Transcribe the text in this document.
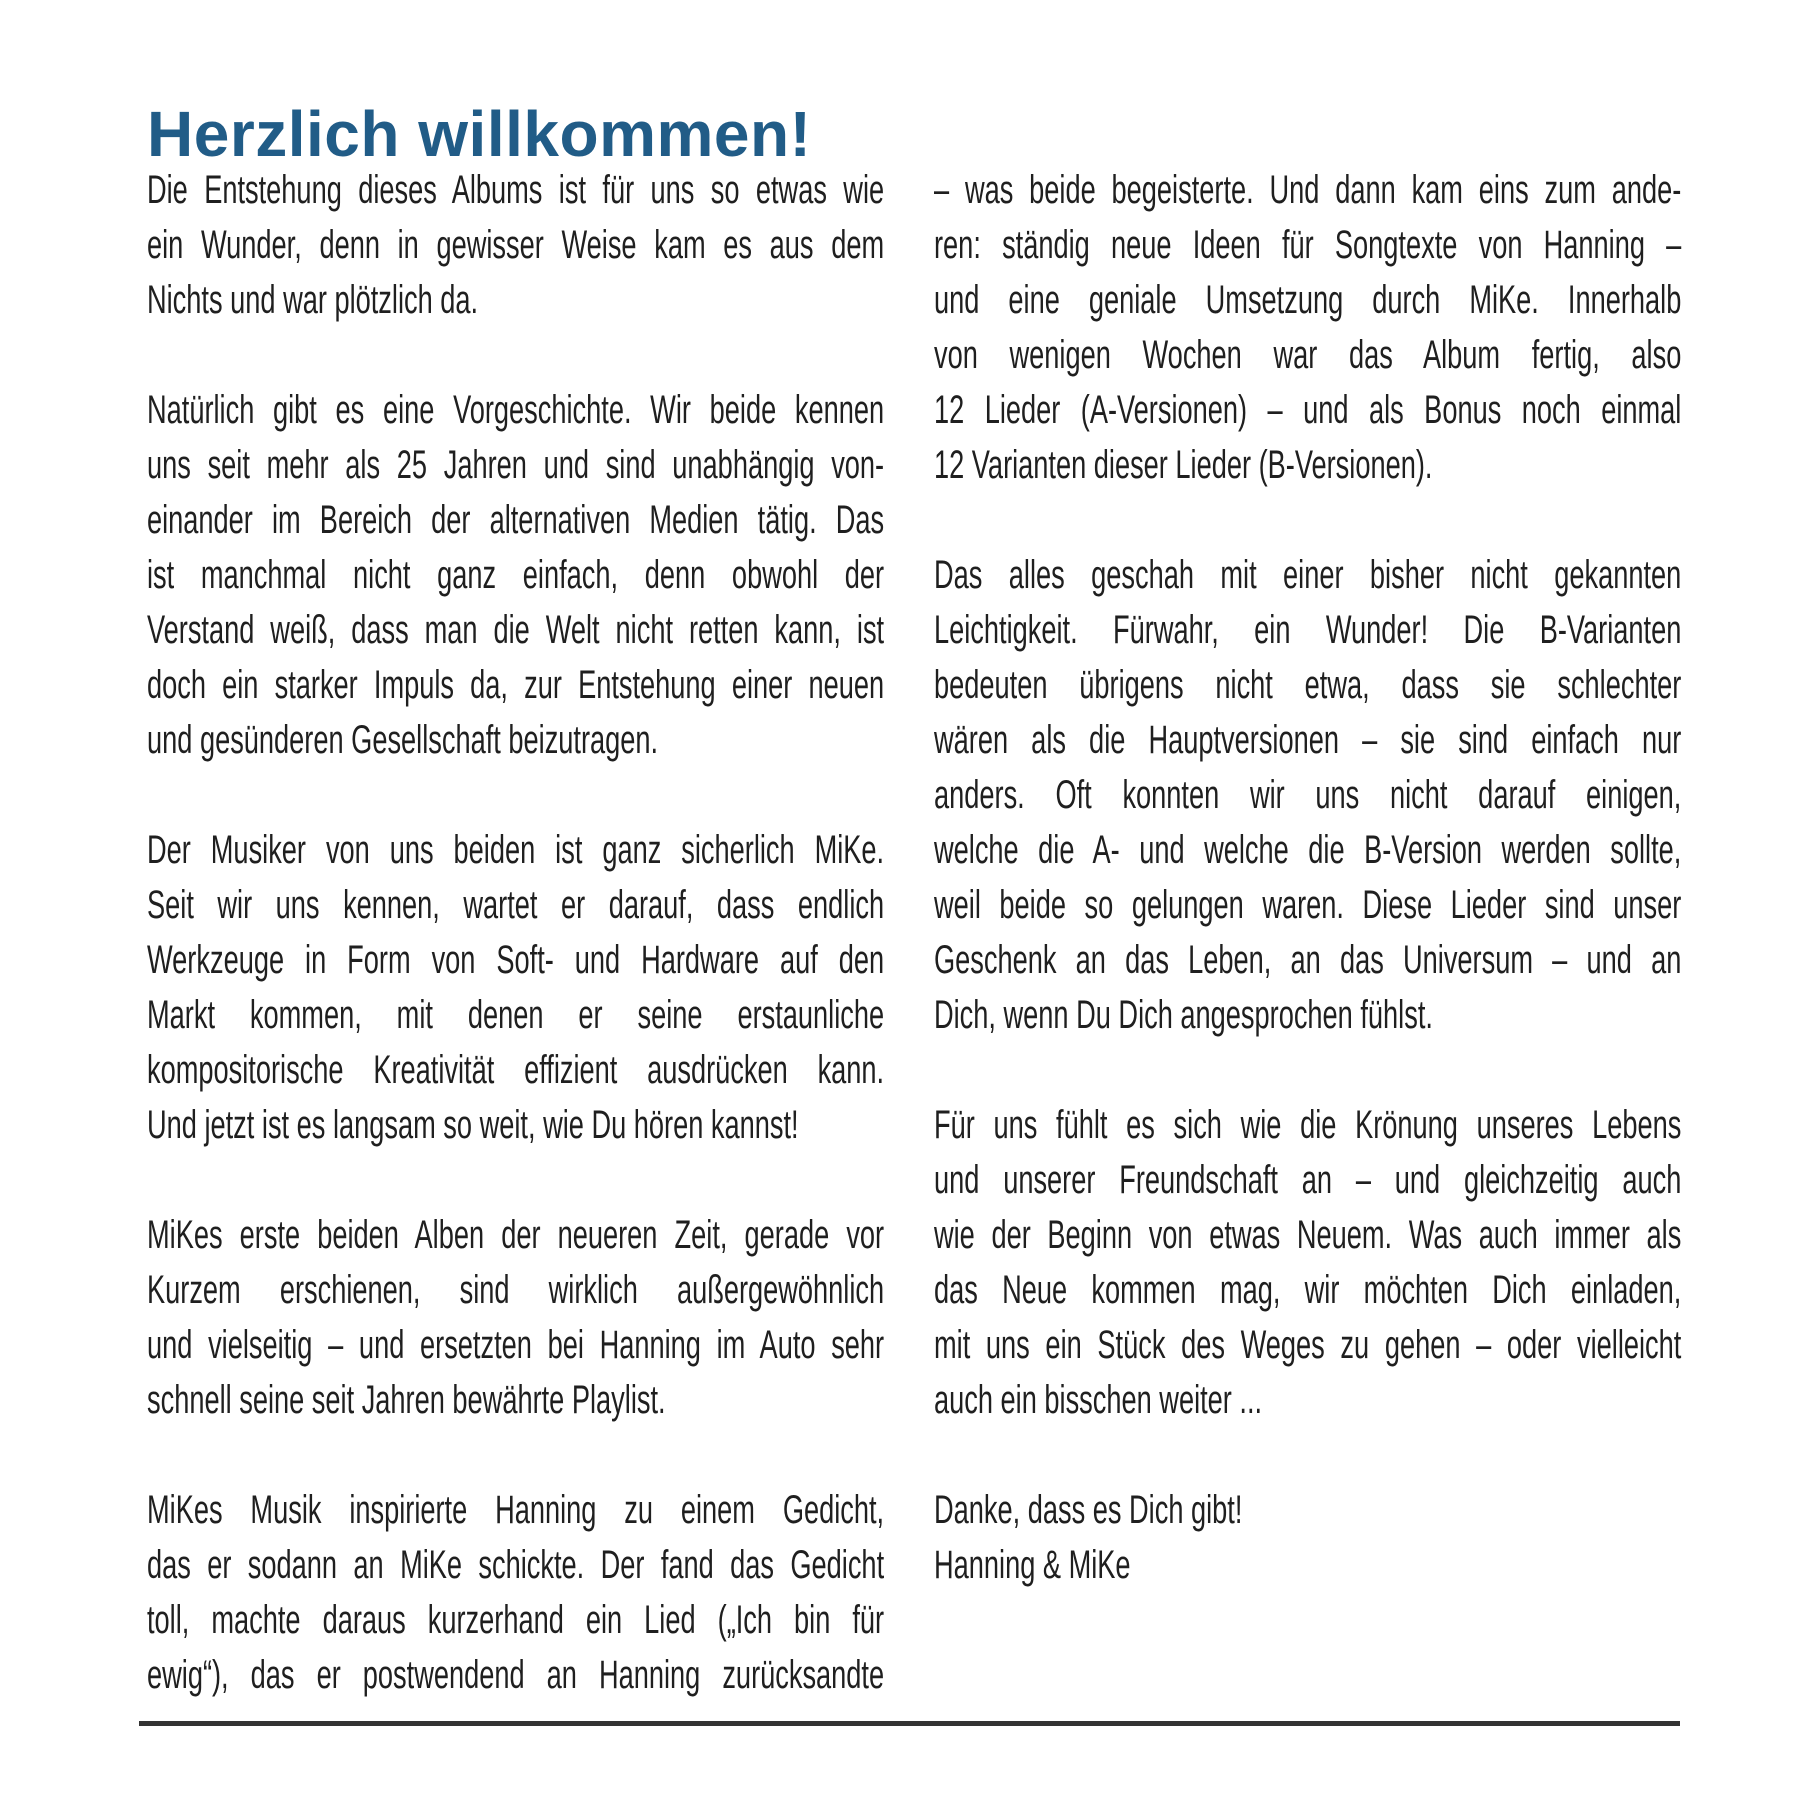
Herzlich willkommen!
Die Entstehung dieses Albums ist für uns so etwas wie
ein Wunder, denn in gewisser Weise kam es aus dem
Nichts und war plötzlich da.
Natürlich gibt es eine Vorgeschichte. Wir beide kennen
uns seit mehr als 25 Jahren und sind unabhängig von-
einander im Bereich der alternativen Medien tätig. Das
ist manchmal nicht ganz einfach, denn obwohl der
Verstand weiß, dass man die Welt nicht retten kann, ist
doch ein starker Impuls da, zur Entstehung einer neuen
und gesünderen Gesellschaft beizutragen.
Der Musiker von uns beiden ist ganz sicherlich MiKe.
Seit wir uns kennen, wartet er darauf, dass endlich
Werkzeuge in Form von Soft- und Hardware auf den
Markt kommen, mit denen er seine erstaunliche
kompositorische Kreativität effizient ausdrücken kann.
Und jetzt ist es langsam so weit, wie Du hören kannst!
MiKes erste beiden Alben der neueren Zeit, gerade vor
Kurzem erschienen, sind wirklich außergewöhnlich
und vielseitig – und ersetzten bei Hanning im Auto sehr
schnell seine seit Jahren bewährte Playlist.
MiKes Musik inspirierte Hanning zu einem Gedicht,
das er sodann an MiKe schickte. Der fand das Gedicht
toll, machte daraus kurzerhand ein Lied („Ich bin für
ewig“), das er postwendend an Hanning zurücksandte
– was beide begeisterte. Und dann kam eins zum ande-
ren: ständig neue Ideen für Songtexte von Hanning –
und eine geniale Umsetzung durch MiKe. Innerhalb
von wenigen Wochen war das Album fertig, also
12 Lieder (A-Versionen) – und als Bonus noch einmal
12 Varianten dieser Lieder (B-Versionen).
Das alles geschah mit einer bisher nicht gekannten
Leichtigkeit. Fürwahr, ein Wunder! Die B-Varianten
bedeuten übrigens nicht etwa, dass sie schlechter
wären als die Hauptversionen – sie sind einfach nur
anders. Oft konnten wir uns nicht darauf einigen,
welche die A- und welche die B-Version werden sollte,
weil beide so gelungen waren. Diese Lieder sind unser
Geschenk an das Leben, an das Universum – und an
Dich, wenn Du Dich angesprochen fühlst.
Für uns fühlt es sich wie die Krönung unseres Lebens
und unserer Freundschaft an – und gleichzeitig auch
wie der Beginn von etwas Neuem. Was auch immer als
das Neue kommen mag, wir möchten Dich einladen,
mit uns ein Stück des Weges zu gehen – oder vielleicht
auch ein bisschen weiter ...
Danke, dass es Dich gibt!
Hanning & MiKe
